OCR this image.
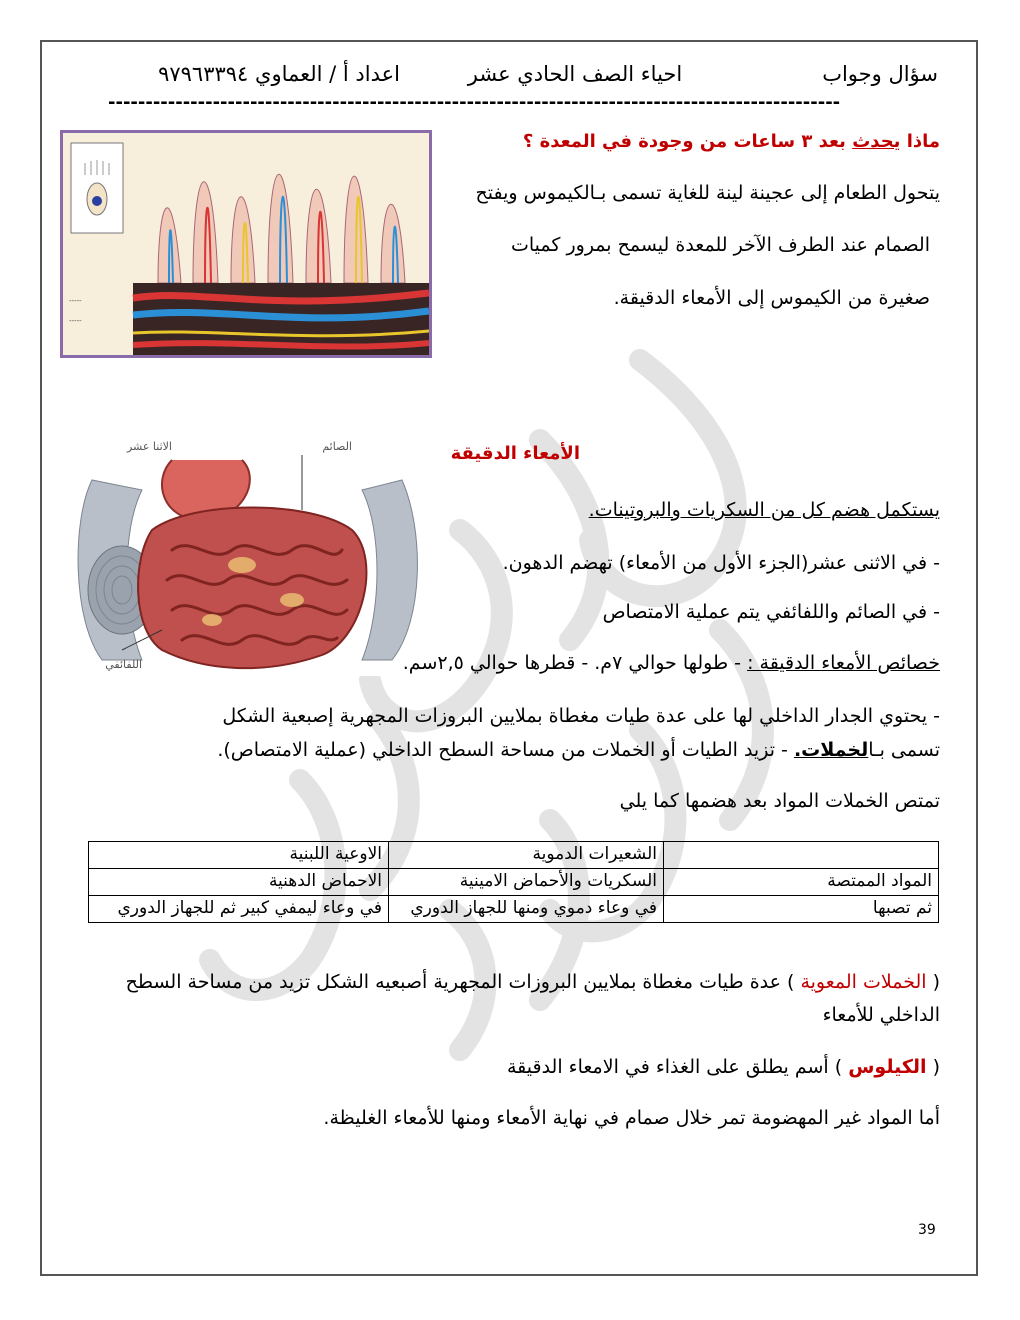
سؤال وجواب
احياء الصف الحادي عشر
اعداد أ / العماوي ٩٧٩٦٣٣٩٤
--------------------------------------------------------------------------------------------------
-----
-----
ماذا يحدث بعد ٣ ساعات من وجودة في المعدة ؟
يتحول الطعام إلى عجينة لينة للغاية تسمى بـالكيموس ويفتح
الصمام عند الطرف الآخر للمعدة ليسمح بمرور كميات
صغيرة من الكيموس إلى الأمعاء الدقيقة.
الصائم
الاثنا عشر
اللفائفي
الأمعاء الدقيقة
يستكمل هضم كل من السكريات والبروتينات.
- في الاثنى عشر(الجزء الأول من الأمعاء) تهضم الدهون.
- في الصائم واللفائفي يتم عملية الامتصاص
خصائص الأمعاء الدقيقة : - طولها حوالي ٧م. - قطرها حوالي ٢,٥سم.
- يحتوي الجدار الداخلي لها على عدة طيات مغطاة بملايين البروزات المجهرية إصبعية الشكل
تسمى بـالخملات. - تزيد الطيات أو الخملات من مساحة السطح الداخلي (عملية الامتصاص).
تمتص الخملات المواد بعد هضمها كما يلي
	الشعيرات الدموية	الاوعية اللبنية
المواد الممتصة	السكريات والأحماض الامينية	الاحماض الدهنية
ثم تصبها	في وعاء دموي ومنها للجهاز الدوري	في وعاء ليمفي كبير ثم للجهاز الدوري
( الخملات المعوية ) عدة طيات مغطاة بملايين البروزات المجهرية أصبعيه الشكل تزيد من مساحة السطح الداخلي للأمعاء
( الكيلوس ) أسم يطلق على الغذاء في الامعاء الدقيقة
أما المواد غير المهضومة تمر خلال صمام في نهاية الأمعاء ومنها للأمعاء الغليظة.
39
